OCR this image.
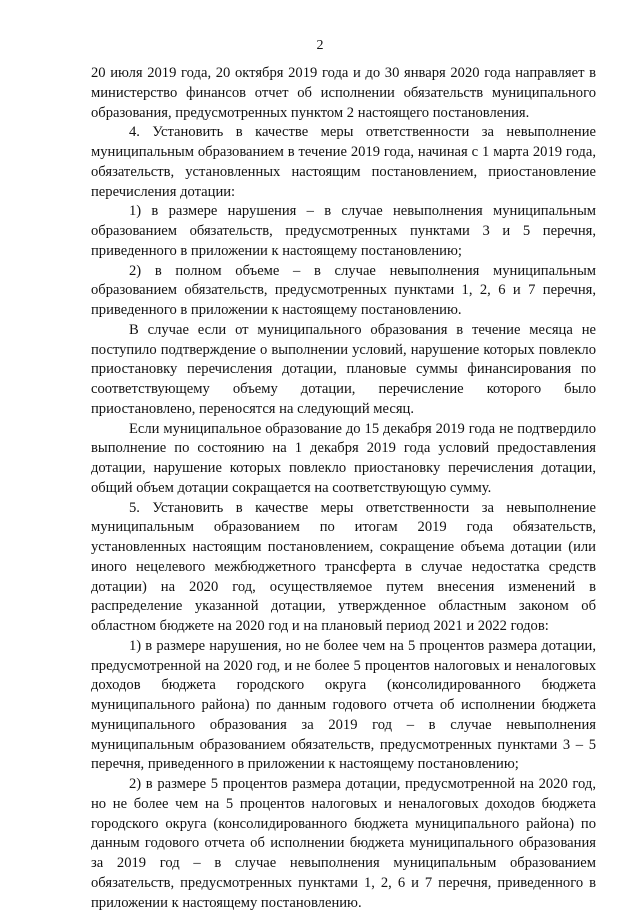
2

20 июля 2019 года, 20 октября 2019 года и до 30 января 2020 года направляет в министерство финансов отчет об исполнении обязательств муниципального образования, предусмотренных пунктом 2 настоящего постановления.

4. Установить в качестве меры ответственности за невыполнение муниципальным образованием в течение 2019 года, начиная с 1 марта 2019 года, обязательств, установленных настоящим постановлением, приостановление перечисления дотации:

1) в размере нарушения – в случае невыполнения муниципальным образованием обязательств, предусмотренных пунктами 3 и 5 перечня, приведенного в приложении к настоящему постановлению;

2) в полном объеме – в случае невыполнения муниципальным образованием обязательств, предусмотренных пунктами 1, 2, 6 и 7 перечня, приведенного в приложении к настоящему постановлению.

В случае если от муниципального образования в течение месяца не поступило подтверждение о выполнении условий, нарушение которых повлекло приостановку перечисления дотации, плановые суммы финансирования по соответствующему объему дотации, перечисление которого было приостановлено, переносятся на следующий месяц.

Если муниципальное образование до 15 декабря 2019 года не подтвердило выполнение по состоянию на 1 декабря 2019 года условий предоставления дотации, нарушение которых повлекло приостановку перечисления дотации, общий объем дотации сокращается на соответствующую сумму.

5. Установить в качестве меры ответственности за невыполнение муниципальным образованием по итогам 2019 года обязательств, установленных настоящим постановлением, сокращение объема дотации (или иного нецелевого межбюджетного трансферта в случае недостатка средств дотации) на 2020 год, осуществляемое путем внесения изменений в распределение указанной дотации, утвержденное областным законом об областном бюджете на 2020 год и на плановый период 2021 и 2022 годов:

1) в размере нарушения, но не более чем на 5 процентов размера дотации, предусмотренной на 2020 год, и не более 5 процентов налоговых и неналоговых доходов бюджета городского округа (консолидированного бюджета муниципального района) по данным годового отчета об исполнении бюджета муниципального образования за 2019 год – в случае невыполнения муниципальным образованием обязательств, предусмотренных пунктами 3 – 5 перечня, приведенного в приложении к настоящему постановлению;

2) в размере 5 процентов размера дотации, предусмотренной на 2020 год, но не более чем на 5 процентов налоговых и неналоговых доходов бюджета городского округа (консолидированного бюджета муниципального района) по данным годового отчета об исполнении бюджета муниципального образования за 2019 год – в случае невыполнения муниципальным образованием обязательств, предусмотренных пунктами 1, 2, 6 и 7 перечня, приведенного в приложении к настоящему постановлению.
